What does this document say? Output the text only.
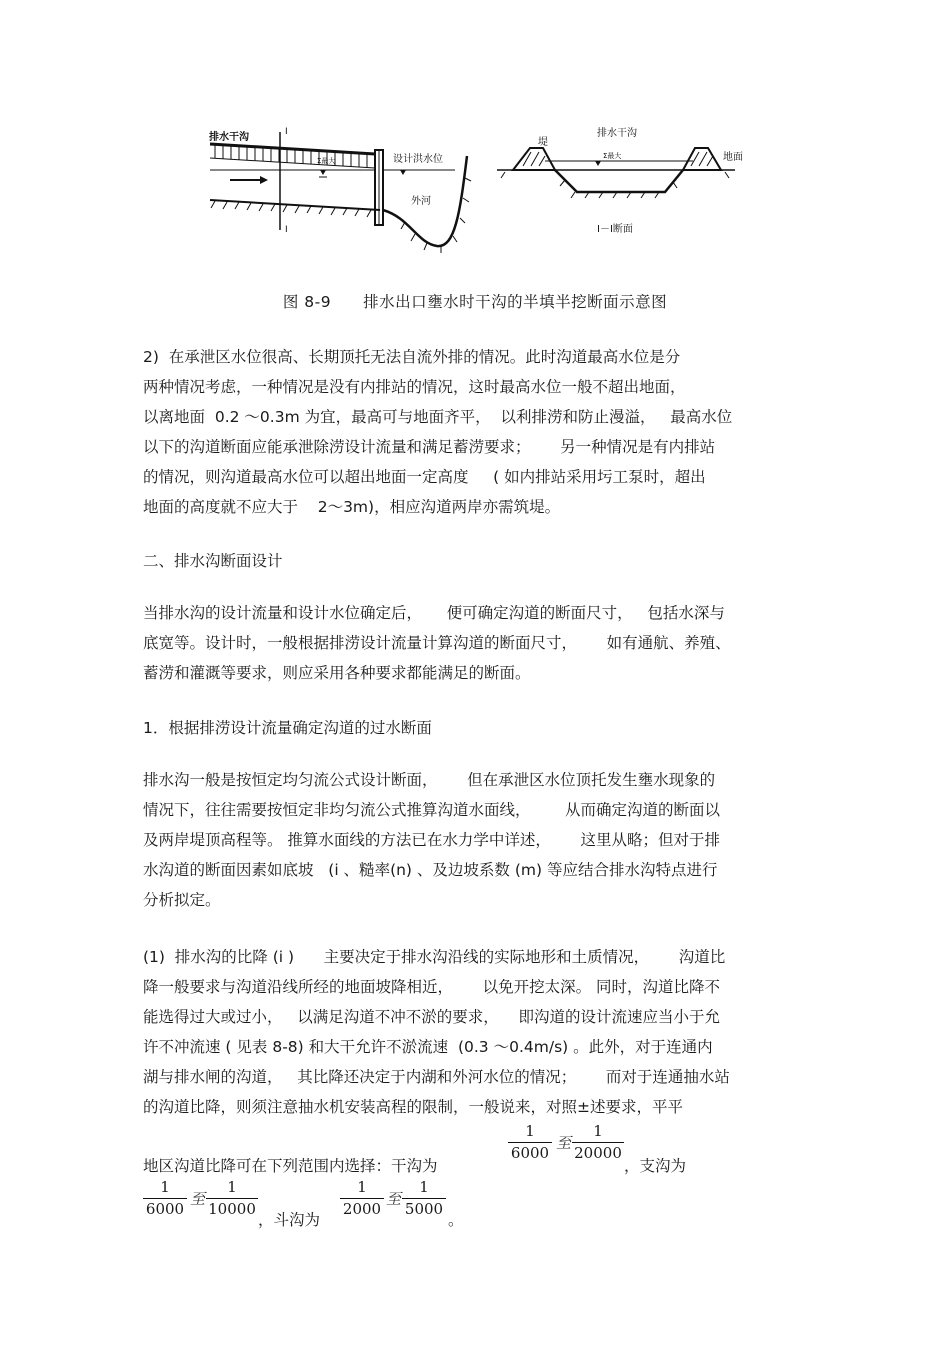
排水干沟
Σ最大	设计洪水位
外河
I
I
Σ最大
排水干沟
堤
地面
I－I断面
图 8-9　　排水出口壅水时干沟的半填半挖断面示意图

2)  在承泄区水位很高、长期顶托无法自流外排的情况。此时沟道最高水位是分
两种情况考虑，一种情况是没有内排站的情况，这时最高水位一般不超出地面，
以离地面  0.2 ～0.3m 为宜，最高可与地面齐平，  以利排涝和防止漫溢，   最高水位
以下的沟道断面应能承泄除涝设计流量和满足蓄涝要求；      另一种情况是有内排站
的情况，则沟道最高水位可以超出地面一定高度     ( 如内排站采用圬工泵时，超出
地面的高度就不应大于    2～3m)，相应沟道两岸亦需筑堤。

二、排水沟断面设计

当排水沟的设计流量和设计水位确定后，     便可确定沟道的断面尺寸，   包括水深与
底宽等。设计时，一般根据排涝设计流量计算沟道的断面尺寸，      如有通航、养殖、
蓄涝和灌溉等要求，则应采用各种要求都能满足的断面。

1．根据排涝设计流量确定沟道的过水断面

排水沟一般是按恒定均匀流公式设计断面，      但在承泄区水位顶托发生壅水现象的
情况下，往往需要按恒定非均匀流公式推算沟道水面线，       从而确定沟道的断面以
及两岸堤顶高程等。 推算水面线的方法已在水力学中详述，      这里从略；但对于排
水沟道的断面因素如底坡   (i 、糙率(n) 、及边坡系数 (m) 等应结合排水沟特点进行
分析拟定。

(1)  排水沟的比降 (i )      主要决定于排水沟沿线的实际地形和土质情况，      沟道比
降一般要求与沟道沿线所经的地面坡降相近，      以免开挖太深。 同时，沟道比降不
能选得过大或过小，   以满足沟道不冲不淤的要求，    即沟道的设计流速应当小于允
许不冲流速 ( 见表 8-8) 和大干允许不淤流速  (0.3 ～0.4m/s) 。此外，对于连通内
湖与排水闸的沟道，   其比降还决定于内湖和外河水位的情况；      而对于连通抽水站
的沟道比降，则须注意抽水机安装高程的限制，一般说来，对照±述要求，平平

地区沟道比降可在下列范围内选择：干沟为
$\frac{1}{6000}$ 至 $\frac{1}{20000}$
，支沟为
$\frac{1}{6000}$ 至 $\frac{1}{10000}$
，斗沟为
$\frac{1}{2000}$ 至 $\frac{1}{5000}$
。
